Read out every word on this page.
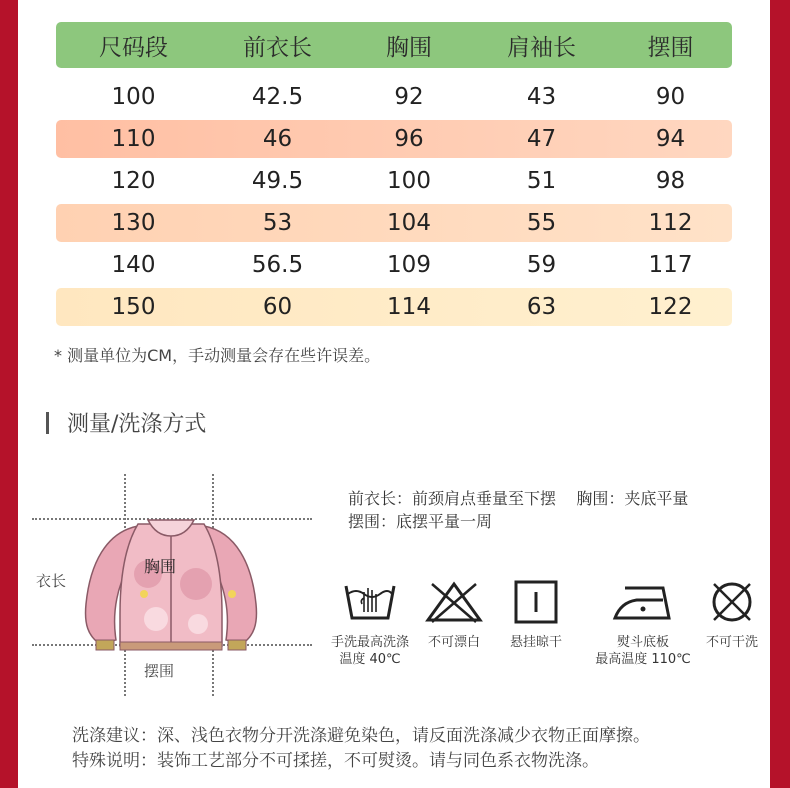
尺码段	前衣长	胸围	肩袖长	摆围
100	42.5	92	43	90
110	46	96	47	94
120	49.5	100	51	98
130	53	104	55	112
140	56.5	109	59	117
150	60	114	63	122
* 测量单位为CM，手动测量会存在些许误差。
测量/洗涤方式
胸围
衣长
摆围
前衣长：前颈肩点垂量至下摆    胸围：夹底平量
摆围：底摆平量一周
手洗最高洗涤
温度 40℃
不可漂白	悬挂晾干	熨斗底板
最高温度 110℃
不可干洗
洗涤建议：深、浅色衣物分开洗涤避免染色，请反面洗涤减少衣物正面摩擦。
特殊说明：装饰工艺部分不可揉搓，不可熨烫。请与同色系衣物洗涤。
